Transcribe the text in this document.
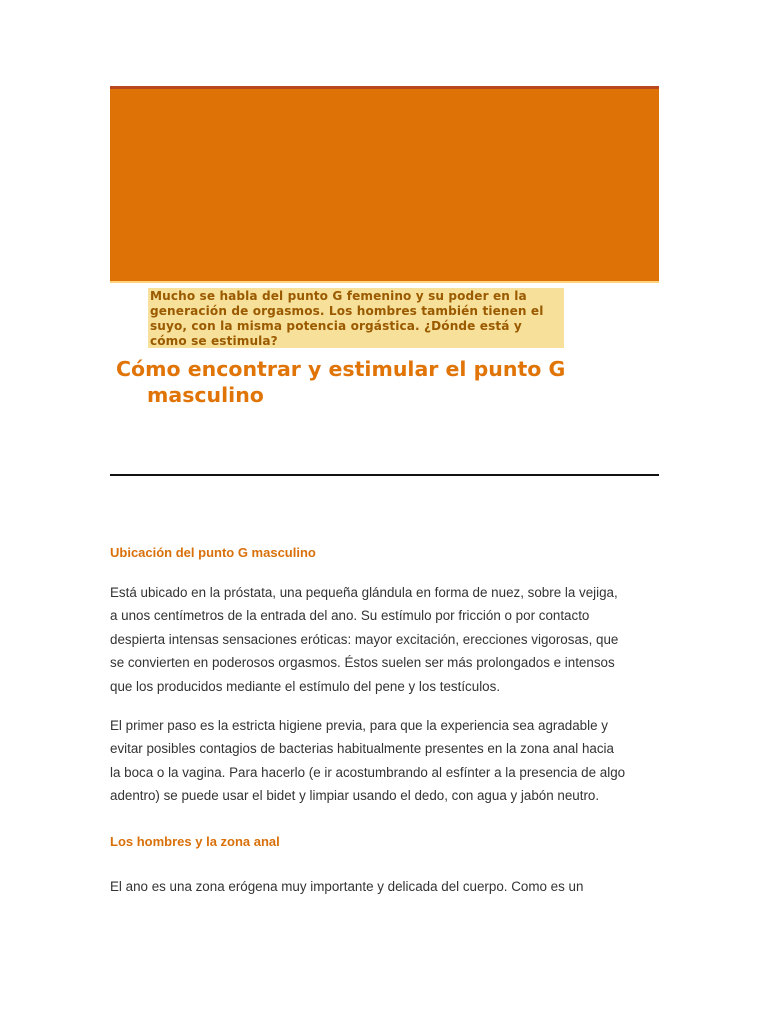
Mucho se habla del punto G femenino y su poder en la
generación de orgasmos. Los hombres también tienen el
suyo, con la misma potencia orgástica. ¿Dónde está y
cómo se estimula?
Cómo encontrar y estimular el punto G masculino
Ubicación del punto G masculino

Está ubicado en la próstata, una pequeña glándula en forma de nuez, sobre la vejiga,
a unos centímetros de la entrada del ano. Su estímulo por fricción o por contacto
despierta intensas sensaciones eróticas: mayor excitación, erecciones vigorosas, que
se convierten en poderosos orgasmos. Éstos suelen ser más prolongados e intensos
que los producidos mediante el estímulo del pene y los testículos.

El primer paso es la estricta higiene previa, para que la experiencia sea agradable y
evitar posibles contagios de bacterias habitualmente presentes en la zona anal hacia
la boca o la vagina. Para hacerlo (e ir acostumbrando al esfínter a la presencia de algo
adentro) se puede usar el bidet y limpiar usando el dedo, con agua y jabón neutro.

Los hombres y la zona anal

El ano es una zona erógena muy importante y delicada del cuerpo. Como es un
